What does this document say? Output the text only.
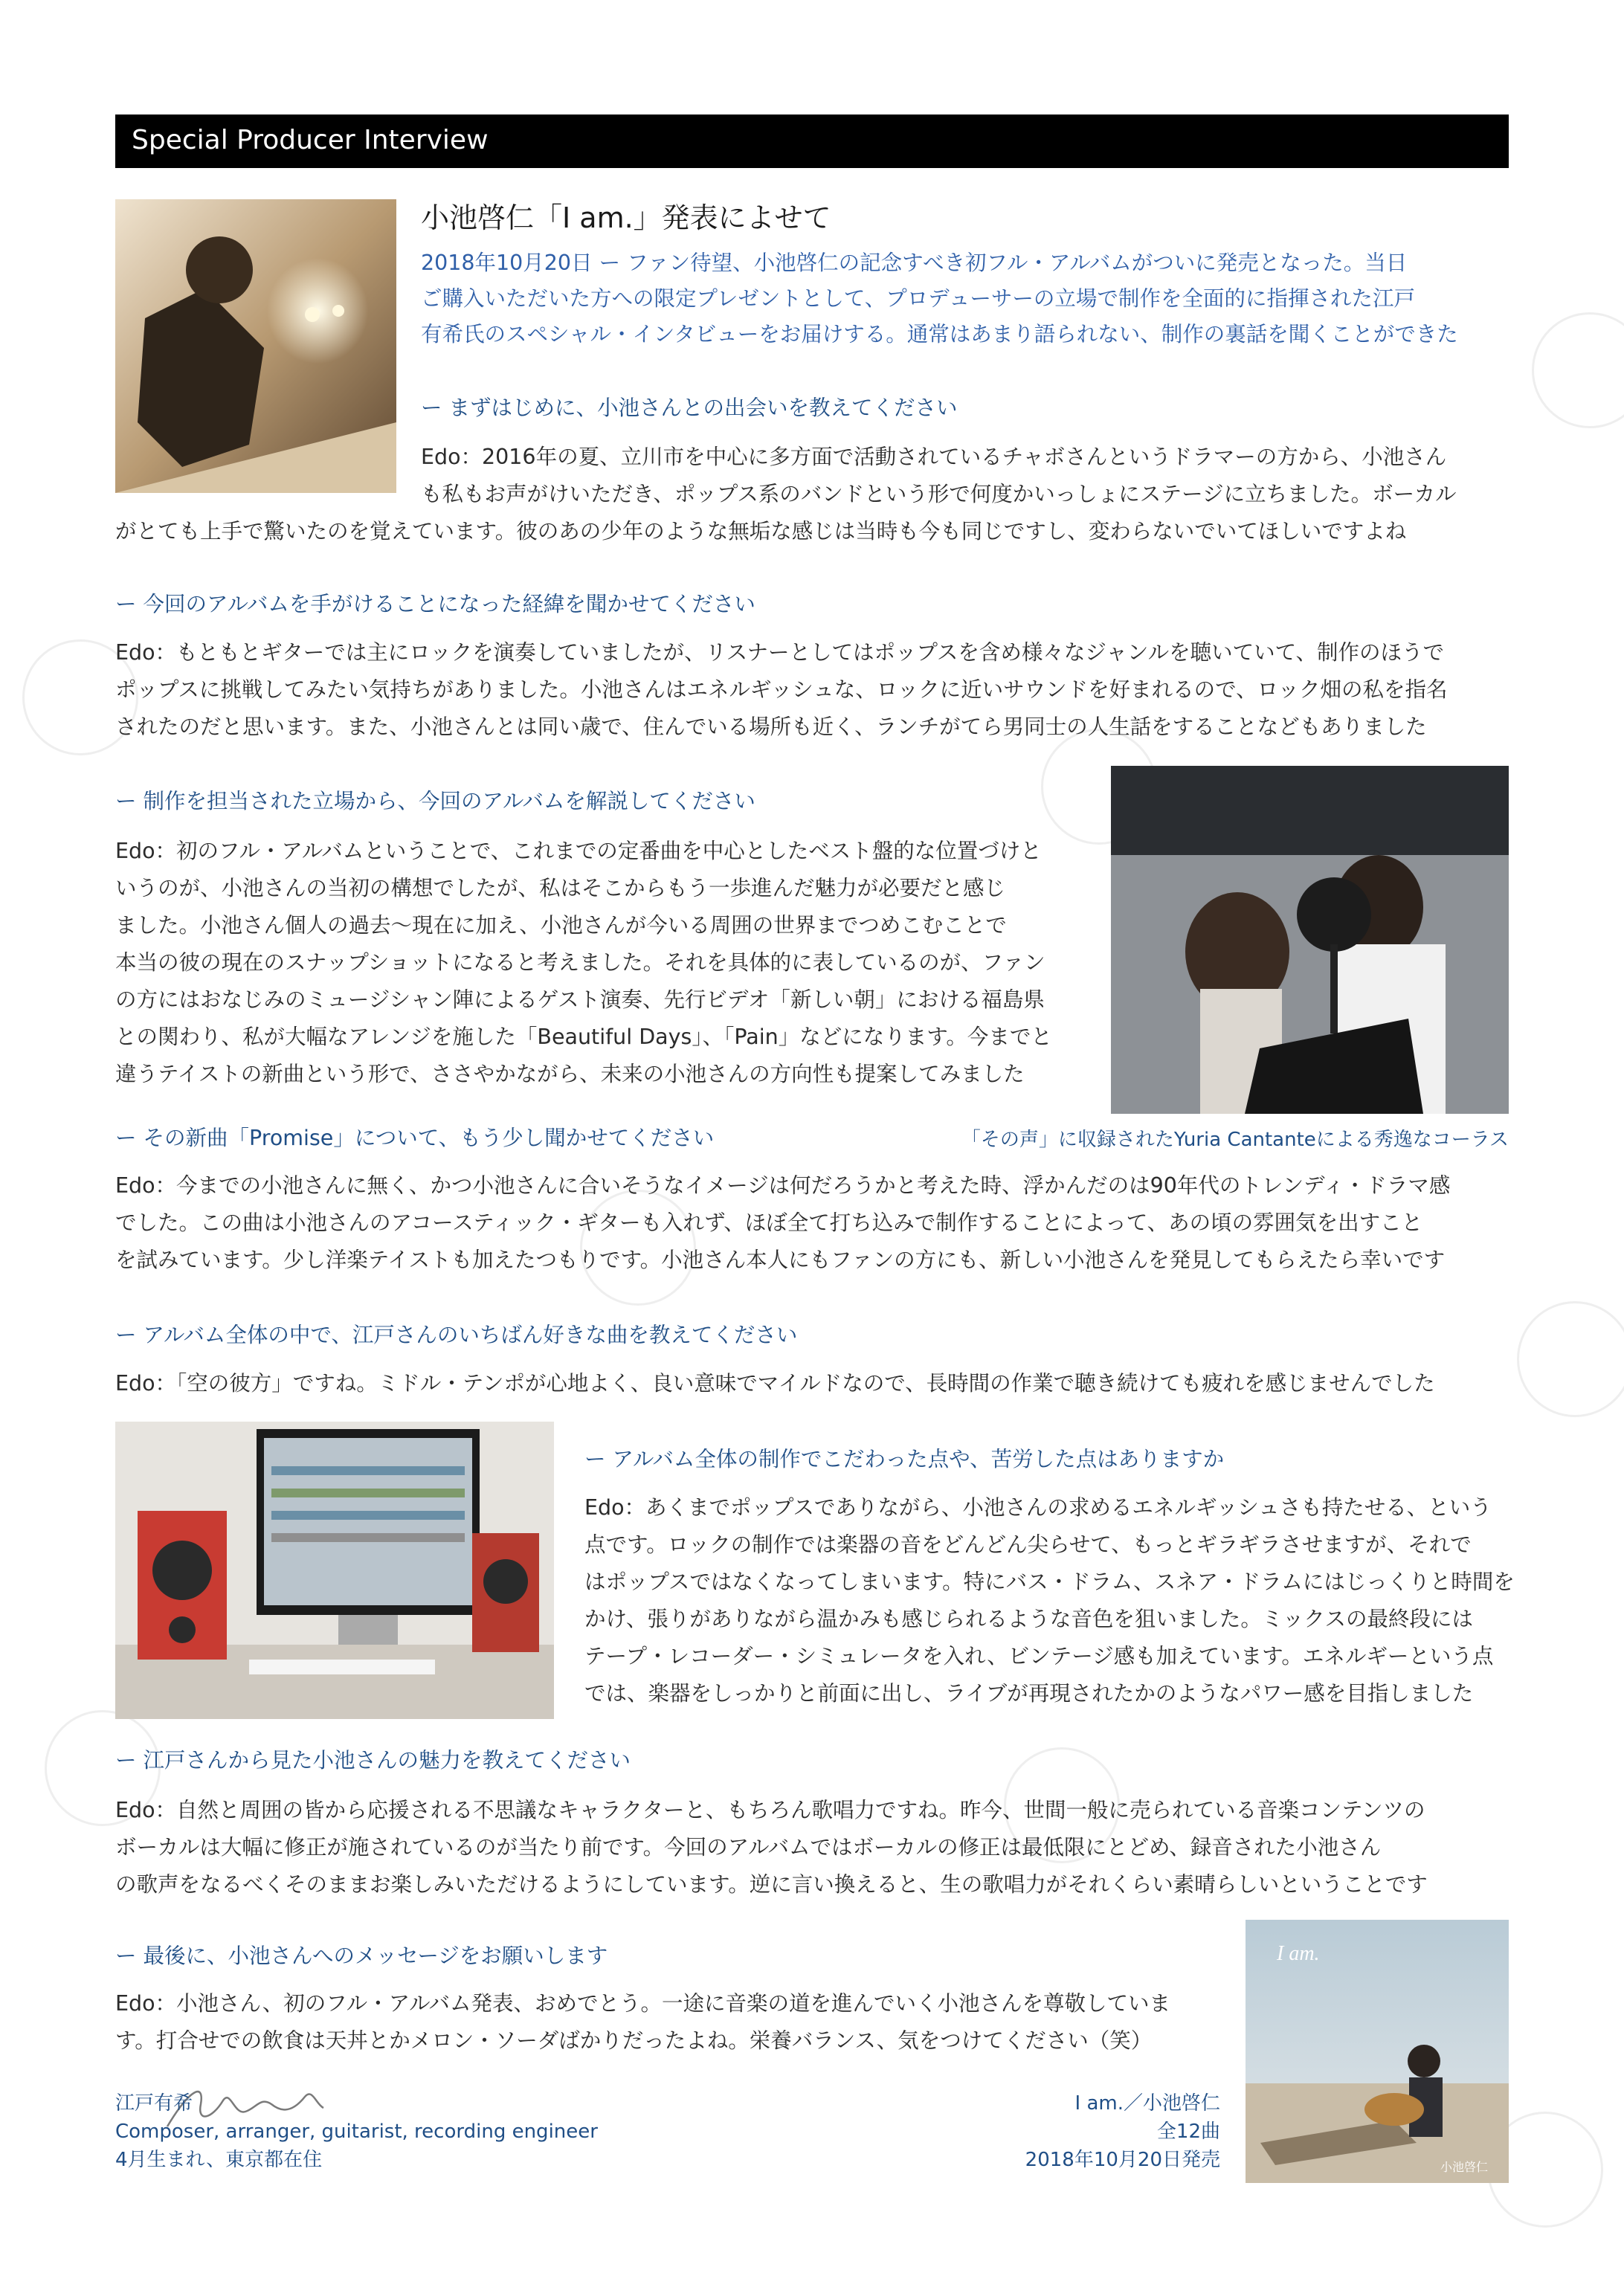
Special Producer Interview
小池啓仁「I am.」発表によせて
2018年10月20日 ー ファン待望、小池啓仁の記念すべき初フル・アルバムがついに発売となった。当日
ご購入いただいた方への限定プレゼントとして、プロデューサーの立場で制作を全面的に指揮された江戸
有希氏のスペシャル・インタビューをお届けする。通常はあまり語られない、制作の裏話を聞くことができた
ー まずはじめに、小池さんとの出会いを教えてください
Edo：2016年の夏、立川市を中心に多方面で活動されているチャボさんというドラマーの方から、小池さん
も私もお声がけいただき、ポップス系のバンドという形で何度かいっしょにステージに立ちました。ボーカル
がとても上手で驚いたのを覚えています。彼のあの少年のような無垢な感じは当時も今も同じですし、変わらないでいてほしいですよね
ー 今回のアルバムを手がけることになった経緯を聞かせてください
Edo：もともとギターでは主にロックを演奏していましたが、リスナーとしてはポップスを含め様々なジャンルを聴いていて、制作のほうで
ポップスに挑戦してみたい気持ちがありました。小池さんはエネルギッシュな、ロックに近いサウンドを好まれるので、ロック畑の私を指名
されたのだと思います。また、小池さんとは同い歳で、住んでいる場所も近く、ランチがてら男同士の人生話をすることなどもありました
ー 制作を担当された立場から、今回のアルバムを解説してください
Edo：初のフル・アルバムということで、これまでの定番曲を中心としたベスト盤的な位置づけと
いうのが、小池さんの当初の構想でしたが、私はそこからもう一歩進んだ魅力が必要だと感じ
ました。小池さん個人の過去〜現在に加え、小池さんが今いる周囲の世界までつめこむことで
本当の彼の現在のスナップショットになると考えました。それを具体的に表しているのが、ファン
の方にはおなじみのミュージシャン陣によるゲスト演奏、先行ビデオ「新しい朝」における福島県
との関わり、私が大幅なアレンジを施した「Beautiful Days」、「Pain」などになります。今までと
違うテイストの新曲という形で、ささやかながら、未来の小池さんの方向性も提案してみました
ー その新曲「Promise」について、もう少し聞かせてください	「その声」に収録されたYuria Cantanteによる秀逸なコーラス
Edo：今までの小池さんに無く、かつ小池さんに合いそうなイメージは何だろうかと考えた時、浮かんだのは90年代のトレンディ・ドラマ感
でした。この曲は小池さんのアコースティック・ギターも入れず、ほぼ全て打ち込みで制作することによって、あの頃の雰囲気を出すこと
を試みています。少し洋楽テイストも加えたつもりです。小池さん本人にもファンの方にも、新しい小池さんを発見してもらえたら幸いです
ー アルバム全体の中で、江戸さんのいちばん好きな曲を教えてください
Edo：「空の彼方」ですね。ミドル・テンポが心地よく、良い意味でマイルドなので、長時間の作業で聴き続けても疲れを感じませんでした
ー アルバム全体の制作でこだわった点や、苦労した点はありますか
Edo：あくまでポップスでありながら、小池さんの求めるエネルギッシュさも持たせる、という
点です。ロックの制作では楽器の音をどんどん尖らせて、もっとギラギラさせますが、それで
はポップスではなくなってしまいます。特にバス・ドラム、スネア・ドラムにはじっくりと時間を
かけ、張りがありながら温かみも感じられるような音色を狙いました。ミックスの最終段には
テープ・レコーダー・シミュレータを入れ、ビンテージ感も加えています。エネルギーという点
では、楽器をしっかりと前面に出し、ライブが再現されたかのようなパワー感を目指しました
ー 江戸さんから見た小池さんの魅力を教えてください
Edo：自然と周囲の皆から応援される不思議なキャラクターと、もちろん歌唱力ですね。昨今、世間一般に売られている音楽コンテンツの
ボーカルは大幅に修正が施されているのが当たり前です。今回のアルバムではボーカルの修正は最低限にとどめ、録音された小池さん
の歌声をなるべくそのままお楽しみいただけるようにしています。逆に言い換えると、生の歌唱力がそれくらい素晴らしいということです
ー 最後に、小池さんへのメッセージをお願いします
Edo：小池さん、初のフル・アルバム発表、おめでとう。一途に音楽の道を進んでいく小池さんを尊敬していま
す。打合せでの飲食は天丼とかメロン・ソーダばかりだったよね。栄養バランス、気をつけてください（笑）
I am.
小池啓仁
江戸有希
Composer, arranger, guitarist, recording engineer
4月生まれ、東京都在住
I am.／小池啓仁
全12曲
2018年10月20日発売
